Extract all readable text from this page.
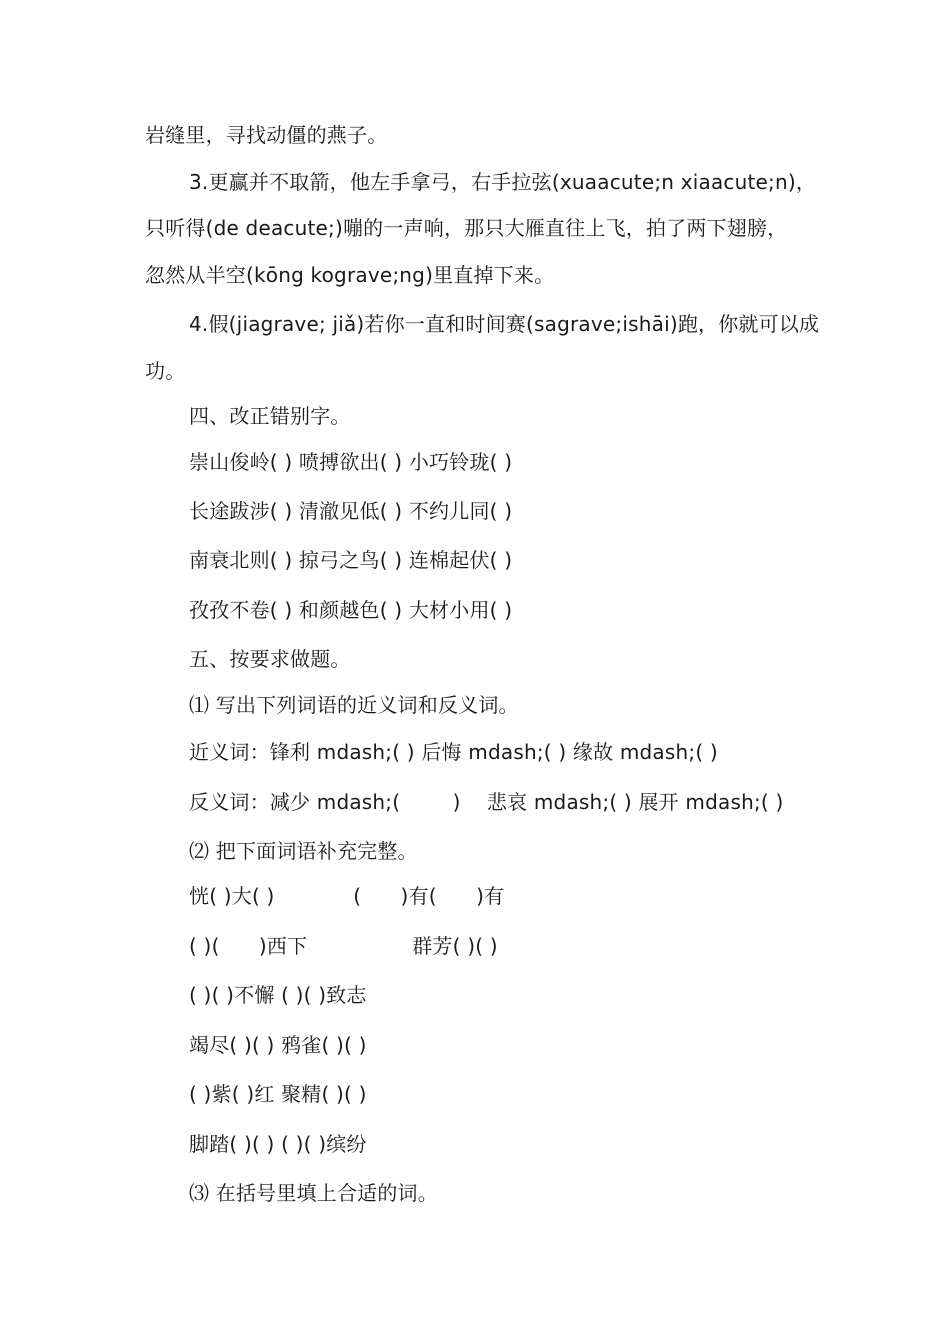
岩缝里，寻找动僵的燕子。
3.更赢并不取箭，他左手拿弓，右手拉弦(xuaacute;n xiaacute;n)，
只听得(de deacute;)嘣的一声响，那只大雁直往上飞，拍了两下翅膀，
忽然从半空(kōng kograve;ng)里直掉下来。
4.假(jiagrave; jiǎ)若你一直和时间赛(sagrave;ishāi)跑，你就可以成
功。
四、改正错别字。
崇山俊岭( ) 喷搏欲出( ) 小巧铃珑( )
长途跋涉( ) 清澈见低( ) 不约儿同( )
南衰北则( ) 掠弓之鸟( ) 连棉起伏( )
孜孜不卷( ) 和颜越色( ) 大材小用( )
五、按要求做题。
⑴ 写出下列词语的近义词和反义词。
近义词：锋利 mdash;( ) 后悔 mdash;( ) 缘故 mdash;( )
反义词：减少 mdash;(        )    悲哀 mdash;( ) 展开 mdash;( )
⑵ 把下面词语补充完整。
恍( )大( )            (      )有(      )有
( )(      )西下                群芳( )( )
( )( )不懈 ( )( )致志
竭尽( )( ) 鸦雀( )( )
( )紫( )红 聚精( )( )
脚踏( )( ) ( )( )缤纷
⑶ 在括号里填上合适的词。
